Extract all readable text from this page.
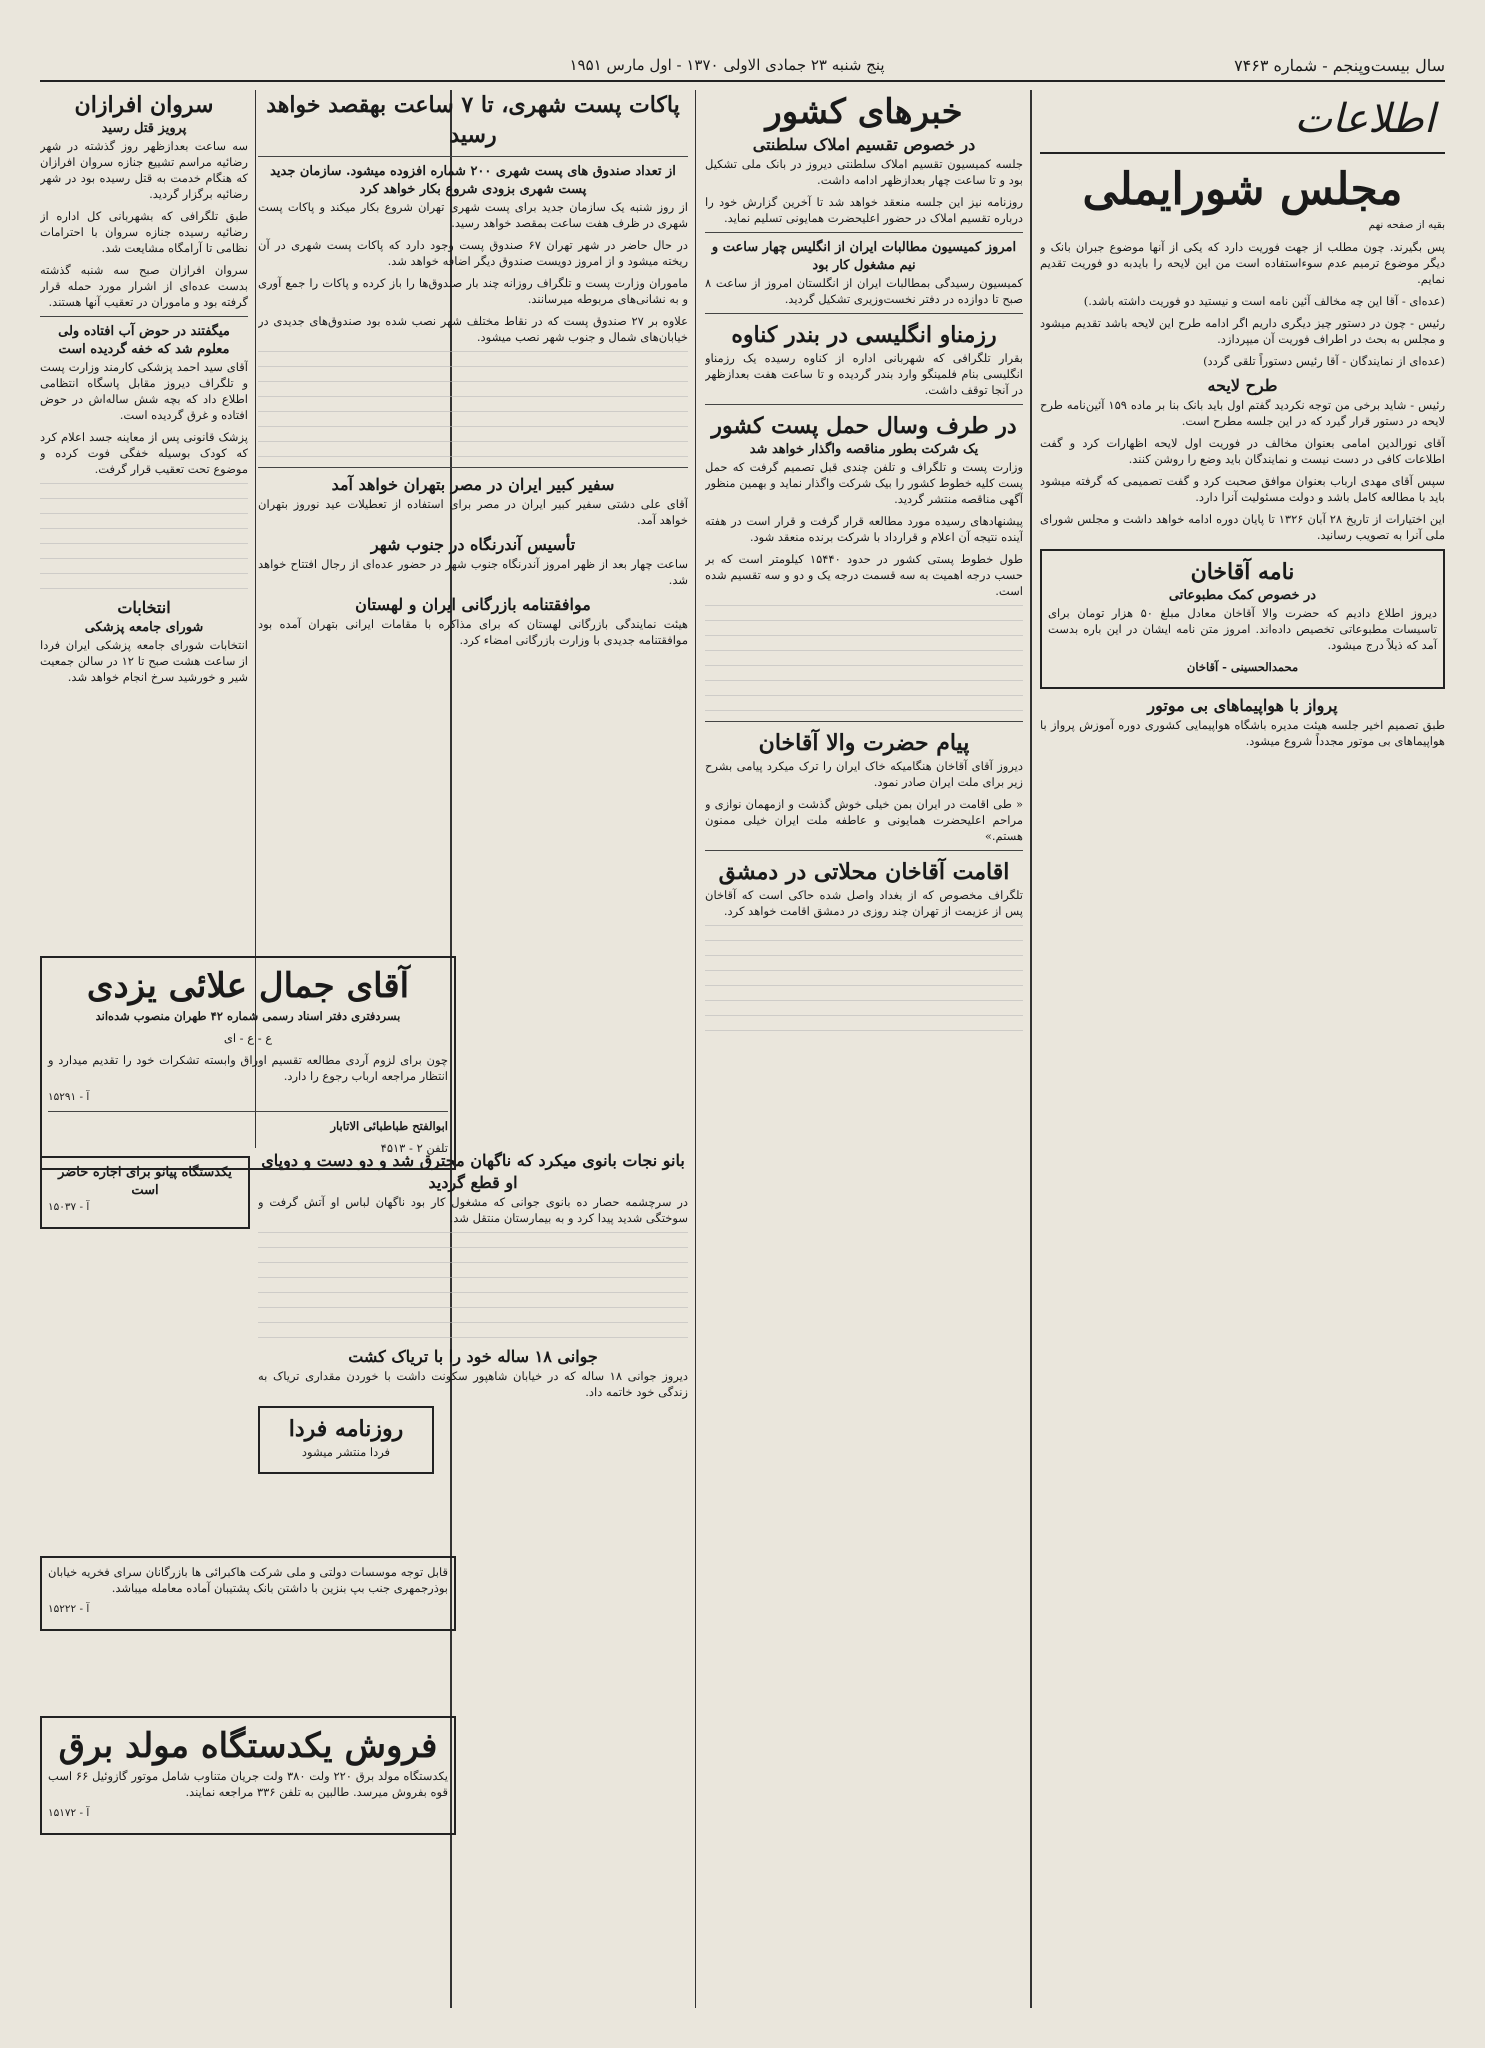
سال بیست‌وپنجم - شماره ۷۴۶۳
پنج شنبه ۲۳ جمادی الاولی ۱۳۷۰ - اول مارس ۱۹۵۱
اطلاعات
مجلس شورایملی

بقیه از صفحه نهم

پس بگیرند. چون مطلب از جهت فوریت دارد که یکی از آنها موضوع جبران بانک و دیگر موضوع ترمیم عدم سوءاستفاده است من این لایحه را بایدبه دو فوریت تقدیم نمایم.

(عده‌ای - آقا این چه مخالف آئین نامه است و نیستید دو فوریت داشته باشد.)

رئیس - چون در دستور چیز دیگری داریم اگر ادامه طرح این لایحه باشد تقدیم میشود و مجلس به بحث در اطراف فوریت آن میپردازد.

(عده‌ای از نمایندگان - آقا رئیس دستوراً تلقی گردد)

طرح لایحه

رئیس - شاید برخی من توجه نکردید گفتم اول باید بانک بنا بر ماده ۱۵۹ آئین‌نامه طرح لایحه در دستور قرار گیرد که در این جلسه مطرح است.

آقای نورالدین امامی بعنوان مخالف در فوریت اول لایحه اظهارات کرد و گفت اطلاعات کافی در دست نیست و نمایندگان باید وضع را روشن کنند.

سپس آقای مهدی ارباب بعنوان موافق صحبت کرد و گفت تصمیمی که گرفته میشود باید با مطالعه کامل باشد و دولت مسئولیت آنرا دارد.

این اختیارات از تاریخ ۲۸ آبان ۱۳۲۶ تا پایان دوره ادامه خواهد داشت و مجلس شورای ملی آنرا به تصویب رسانید.

نامه آقاخان
در خصوص کمک مطبوعاتی

دیروز اطلاع دادیم که حضرت والا آقاخان معادل مبلغ ۵۰ هزار تومان برای تاسیسات مطبوعاتی تخصیص داده‌اند. امروز متن نامه ایشان در این باره بدست آمد که ذیلاً درج میشود.

محمدالحسینی - آقاخان

پرواز با هواپیماهای بی موتور

طبق تصمیم اخیر جلسه هیئت مدیره باشگاه هواپیمایی کشوری دوره آموزش پرواز با هواپیماهای بی موتور مجدداً شروع میشود.

خبرهای کشور
در خصوص تقسیم املاک سلطنتی

جلسه کمیسیون تقسیم املاک سلطنتی دیروز در بانک ملی تشکیل بود و تا ساعت چهار بعدازظهر ادامه داشت.

روزنامه نیز این جلسه منعقد خواهد شد تا آخرین گزارش خود را درباره تقسیم املاک در حضور اعلیحضرت همایونی تسلیم نماید.

امروز کمیسیون مطالبات ایران از انگلیس چهار ساعت و نیم مشغول کار بود

کمیسیون رسیدگی بمطالبات ایران از انگلستان امروز از ساعت ۸ صبح تا دوازده در دفتر نخست‌وزیری تشکیل گردید.

رزمناو انگلیسی در بندر کناوه

بقرار تلگرافی که شهربانی اداره از کناوه رسیده یک رزمناو انگلیسی بنام فلمینگو وارد بندر گردیده و تا ساعت هفت بعدازظهر در آنجا توقف داشت.

در طرف وسال حمل پست کشور
یک شرکت بطور مناقصه واگذار خواهد شد

وزارت پست و تلگراف و تلفن چندی قبل تصمیم گرفت که حمل پست کلیه خطوط کشور را بیک شرکت واگذار نماید و بهمین منظور آگهی مناقصه منتشر گردید.

پیشنهادهای رسیده مورد مطالعه قرار گرفت و قرار است در هفته آینده نتیجه آن اعلام و قرارداد با شرکت برنده منعقد شود.

طول خطوط پستی کشور در حدود ۱۵۴۴۰ کیلومتر است که بر حسب درجه اهمیت به سه قسمت درجه یک و دو و سه تقسیم شده است.

پیام حضرت والا آقاخان

دیروز آقای آقاخان هنگامیکه خاک ایران را ترک میکرد پیامی بشرح زیر برای ملت ایران صادر نمود.

« طی اقامت در ایران بمن خیلی خوش گذشت و ازمهمان نوازی و مراحم اعلیحضرت همایونی و عاطفه ملت ایران خیلی ممنون هستم.»

اقامت آقاخان محلاتی در دمشق

تلگراف مخصوص که از بغداد واصل شده حاکی است که آقاخان پس از عزیمت از تهران چند روزی در دمشق اقامت خواهد کرد.

پاکات پست شهری، تا ۷ ساعت بهقصد خواهد رسید
از تعداد صندوق های پست شهری ۲۰۰ شماره افزوده میشود. سازمان جدید پست شهری بزودی شروع بکار خواهد کرد

از روز شنبه یک سازمان جدید برای پست شهری تهران شروع بکار میکند و پاکات پست شهری در ظرف هفت ساعت بمقصد خواهد رسید.

در حال حاضر در شهر تهران ۶۷ صندوق پست وجود دارد که پاکات پست شهری در آن ریخته میشود و از امروز دویست صندوق دیگر اضافه خواهد شد.

ماموران وزارت پست و تلگراف روزانه چند بار صندوق‌ها را باز کرده و پاکات را جمع آوری و به نشانی‌های مربوطه میرسانند.

علاوه بر ۲۷ صندوق پست که در نقاط مختلف شهر نصب شده بود صندوق‌های جدیدی در خیابان‌های شمال و جنوب شهر نصب میشود.

سفیر کبیر ایران در مصر بتهران خواهد آمد

آقای علی دشتی سفیر کبیر ایران در مصر برای استفاده از تعطیلات عید نوروز بتهران خواهد آمد.

تأسیس آندرنگاه در جنوب شهر

ساعت چهار بعد از ظهر امروز آندرنگاه جنوب شهر در حضور عده‌ای از رجال افتتاح خواهد شد.

موافقتنامه بازرگانی ایران و لهستان

هیئت نمایندگی بازرگانی لهستان که برای مذاکره با مقامات ایرانی بتهران آمده بود موافقتنامه جدیدی با وزارت بازرگانی امضاء کرد.

بانو نجات بانوی میکرد که ناگهان محترق شد و دو دست و دوپای او قطع گردید

در سرچشمه حصار ده بانوی جوانی که مشغول کار بود ناگهان لباس او آتش گرفت و سوختگی شدید پیدا کرد و به بیمارستان منتقل شد.

جوانی ۱۸ ساله خود را با تریاک کشت

دیروز جوانی ۱۸ ساله که در خیابان شاهپور سکونت داشت با خوردن مقداری تریاک به زندگی خود خاتمه داد.

روزنامه فردا

فردا منتشر میشود

سروان افرازان
پرویز قتل رسید

سه ساعت بعدازظهر روز گذشته در شهر رضائیه مراسم تشییع جنازه سروان افرازان که هنگام خدمت به قتل رسیده بود در شهر رضائیه برگزار گردید.

طبق تلگرافی که بشهربانی کل اداره از رضائیه رسیده جنازه سروان با احترامات نظامی تا آرامگاه مشایعت شد.

سروان افرازان صبح سه شنبه گذشته بدست عده‌ای از اشرار مورد حمله قرار گرفته بود و ماموران در تعقیب آنها هستند.

میگفتند در حوض آب افتاده ولی معلوم شد که خفه گردیده است

آقای سید احمد پزشکی کارمند وزارت پست و تلگراف دیروز مقابل پاسگاه انتظامی اطلاع داد که بچه شش ساله‌اش در حوض افتاده و غرق گردیده است.

پزشک قانونی پس از معاینه جسد اعلام کرد که کودک بوسیله خفگی فوت کرده و موضوع تحت تعقیب قرار گرفت.

انتخابات
شورای جامعه پزشکی

انتخابات شورای جامعه پزشکی ایران فردا از ساعت هشت صبح تا ۱۲ در سالن جمعیت شیر و خورشید سرخ انجام خواهد شد.

یکدستگاه پیانو برای اجاره حاضر است

آ - ۱۵۰۳۷

آقای جمال علائی یزدی

بسردفتری دفتر اسناد رسمی شماره ۴۲ طهران منصوب شده‌اند

ع - ع - ای

چون برای لزوم آردی مطالعه تقسیم اوراق وابسته تشکرات خود را تقدیم میدارد و انتظار مراجعه ارباب رجوع را دارد.

آ - ۱۵۲۹۱

ابوالفتح طباطبائی الاتابار

تلفن ۲ - ۴۵۱۳

قابل توجه موسسات دولتی و ملی شرکت هاکبرائی ها بازرگانان سرای فخریه خیابان بوذرجمهری جنب بپ بنزین با داشتن بانک پشتیبان آماده معامله میباشد.

آ - ۱۵۲۲۲

فروش یکدستگاه مولد برق

یکدستگاه مولد برق ۲۲۰ ولت ۳۸۰ ولت جریان متناوب شامل موتور گازوئیل ۶۶ اسب قوه بفروش میرسد. طالبین به تلفن ۳۳۶ مراجعه نمایند.

آ - ۱۵۱۷۲
